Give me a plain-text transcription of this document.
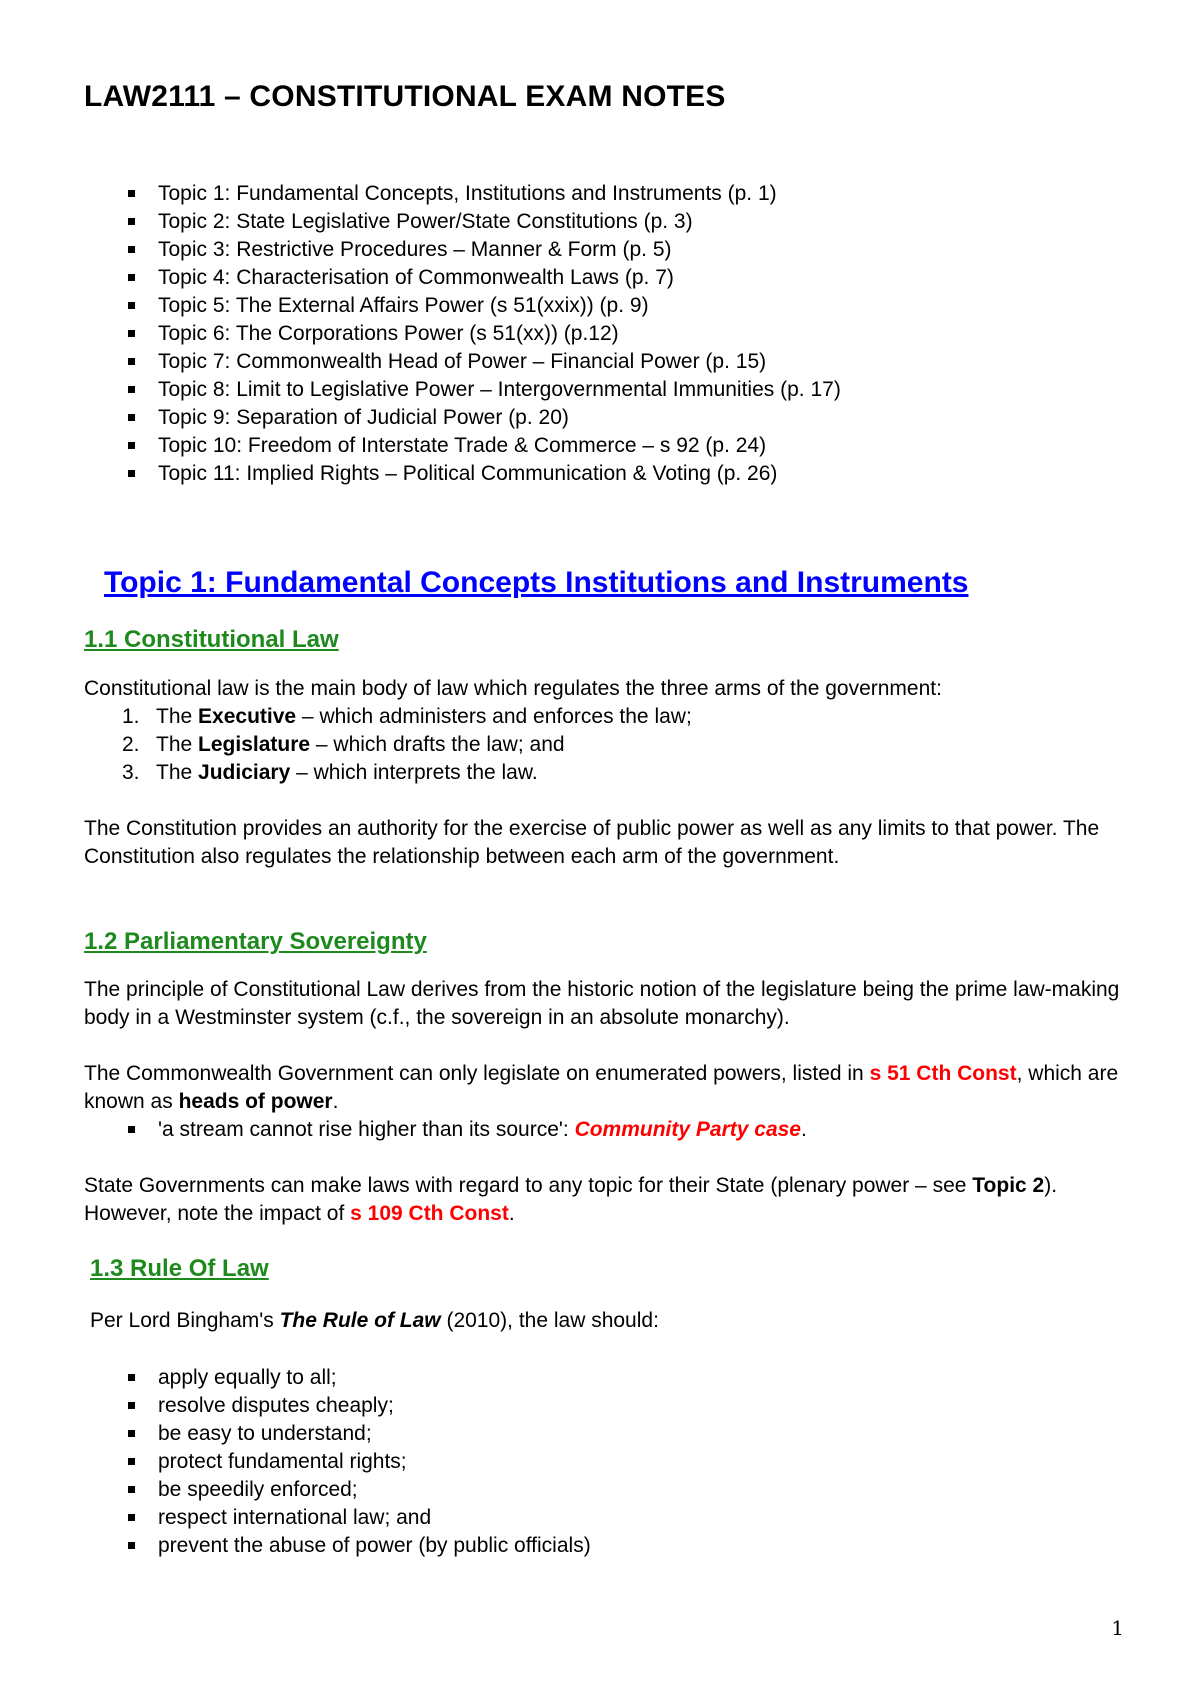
LAW2111 – CONSTITUTIONAL EXAM NOTES
Topic 1: Fundamental Concepts, Institutions and Instruments (p. 1)
Topic 2: State Legislative Power/State Constitutions (p. 3)
Topic 3: Restrictive Procedures – Manner & Form (p. 5)
Topic 4: Characterisation of Commonwealth Laws (p. 7)
Topic 5: The External Affairs Power (s 51(xxix)) (p. 9)
Topic 6: The Corporations Power (s 51(xx)) (p.12)
Topic 7: Commonwealth Head of Power – Financial Power (p. 15)
Topic 8: Limit to Legislative Power – Intergovernmental Immunities (p. 17)
Topic 9: Separation of Judicial Power (p. 20)
Topic 10: Freedom of Interstate Trade & Commerce – s 92 (p. 24)
Topic 11: Implied Rights – Political Communication & Voting (p. 26)
Topic 1: Fundamental Concepts Institutions and Instruments
1.1 Constitutional Law

Constitutional law is the main body of law which regulates the three arms of the government:

1. The Executive – which administers and enforces the law;
2. The Legislature – which drafts the law; and
3. The Judiciary – which interprets the law.

The Constitution provides an authority for the exercise of public power as well as any limits to that power. The Constitution also regulates the relationship between each arm of the government.

1.2 Parliamentary Sovereignty

The principle of Constitutional Law derives from the historic notion of the legislature being the prime law-making body in a Westminster system (c.f., the sovereign in an absolute monarchy).

The Commonwealth Government can only legislate on enumerated powers, listed in s 51 Cth Const, which are known as heads of power.

'a stream cannot rise higher than its source': Community Party case.

State Governments can make laws with regard to any topic for their State (plenary power – see Topic 2). However, note the impact of s 109 Cth Const.

1.3 Rule Of Law

Per Lord Bingham's The Rule of Law (2010), the law should:

apply equally to all;
resolve disputes cheaply;
be easy to understand;
protect fundamental rights;
be speedily enforced;
respect international law; and
prevent the abuse of power (by public officials)
1
